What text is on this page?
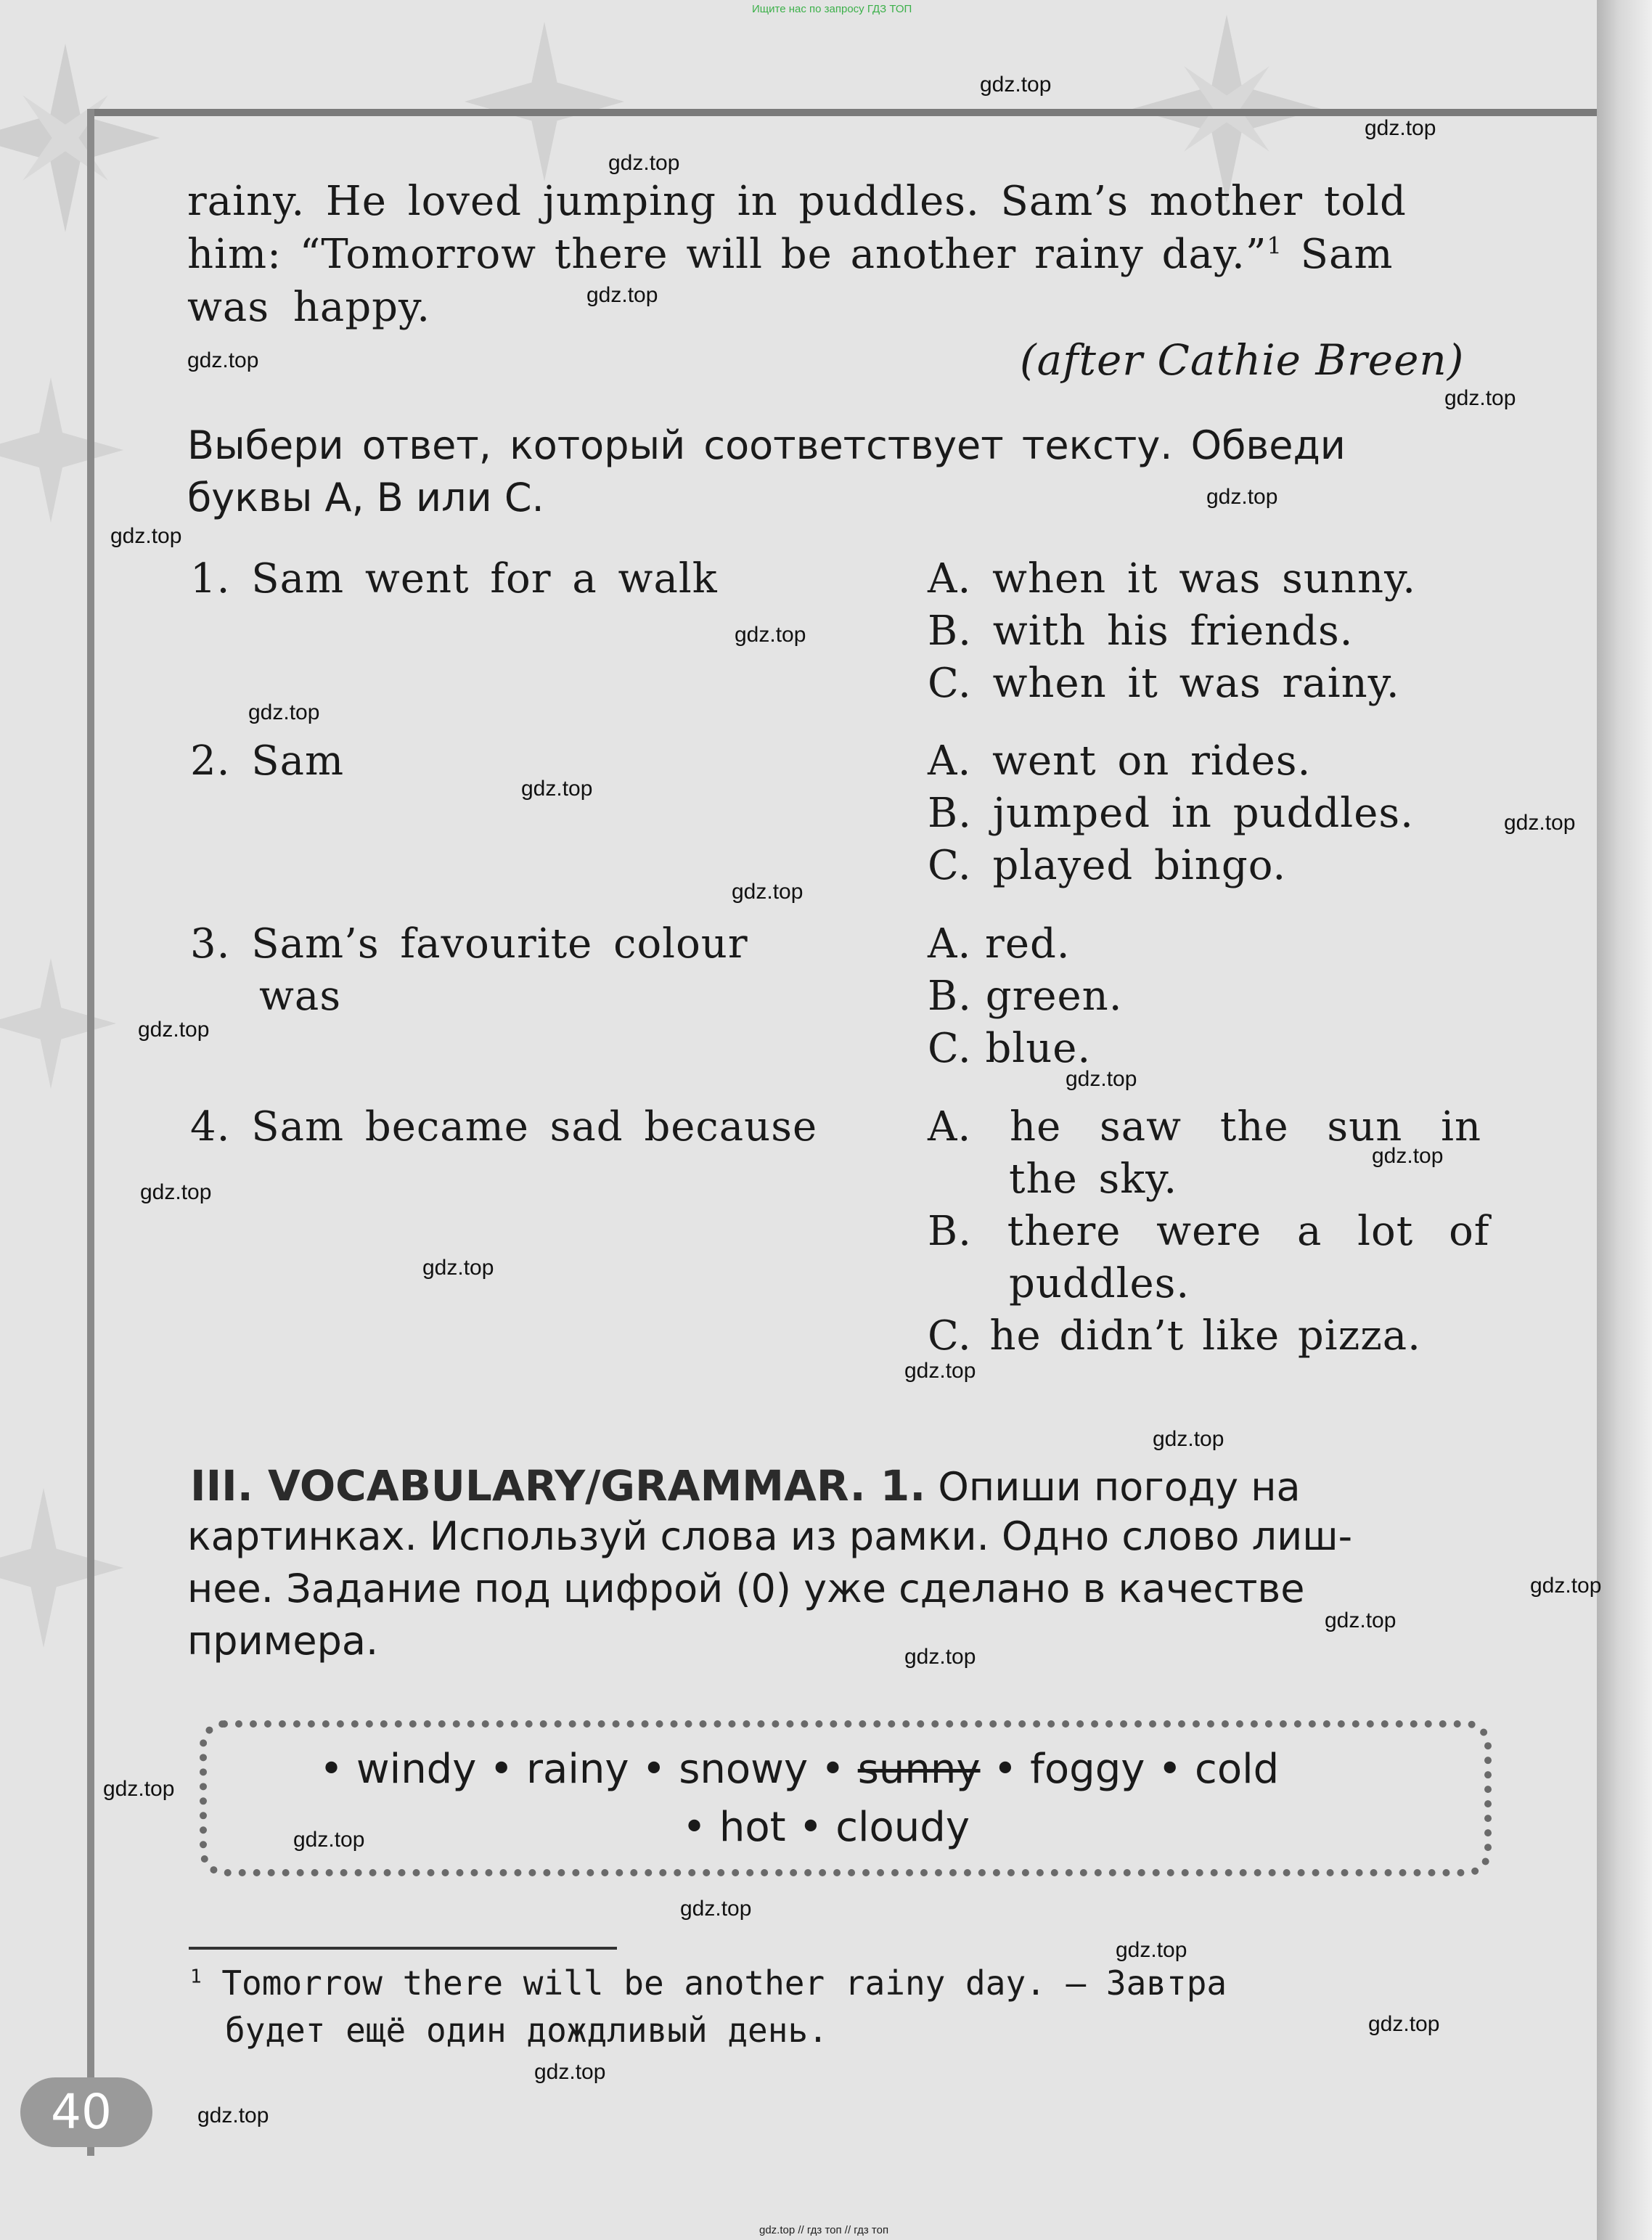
Ищите нас по запросу ГДЗ ТОП
rainy. He loved jumping in puddles. Sam’s mother told
him: “Tomorrow there will be another rainy day.”$^1$ Sam
was happy.
(after Cathie Breen)
Выбери ответ, который соответствует тексту. Обведи
буквы A, B или C.
1. Sam went for a walk	A. when it was sunny.
B. with his friends.
C. when it was rainy.
2. Sam	A. went on rides.
B. jumped in puddles.
C. played bingo.
3. Sam’s favourite colour
was
A. red.
B. green.
C. blue.
4. Sam became sad because	A. he saw the sun in
the sky.
B. there were a lot of
puddles.
C. he didn’t like pizza.
III. VOCABULARY/GRAMMAR. 1. Опиши погоду на
картинках. Используй слова из рамки. Одно слово лиш-
нее. Задание под цифрой (0) уже сделано в качестве
примера.
• windy • rainy • snowy • sunny • foggy • cold
• hot • cloudy
$^1$ Tomorrow there will be another rainy day. — Завтра
будет ещё один дождливый день.
40
gdz.top
gdz.top
gdz.top
gdz.top
gdz.top
gdz.top
gdz.top
gdz.top
gdz.top
gdz.top
gdz.top
gdz.top
gdz.top
gdz.top
gdz.top
gdz.top
gdz.top
gdz.top
gdz.top
gdz.top
gdz.top
gdz.top
gdz.top
gdz.top
gdz.top
gdz.top
gdz.top
gdz.top
gdz.top
gdz.top
gdz.top // гдз топ // гдз топ
